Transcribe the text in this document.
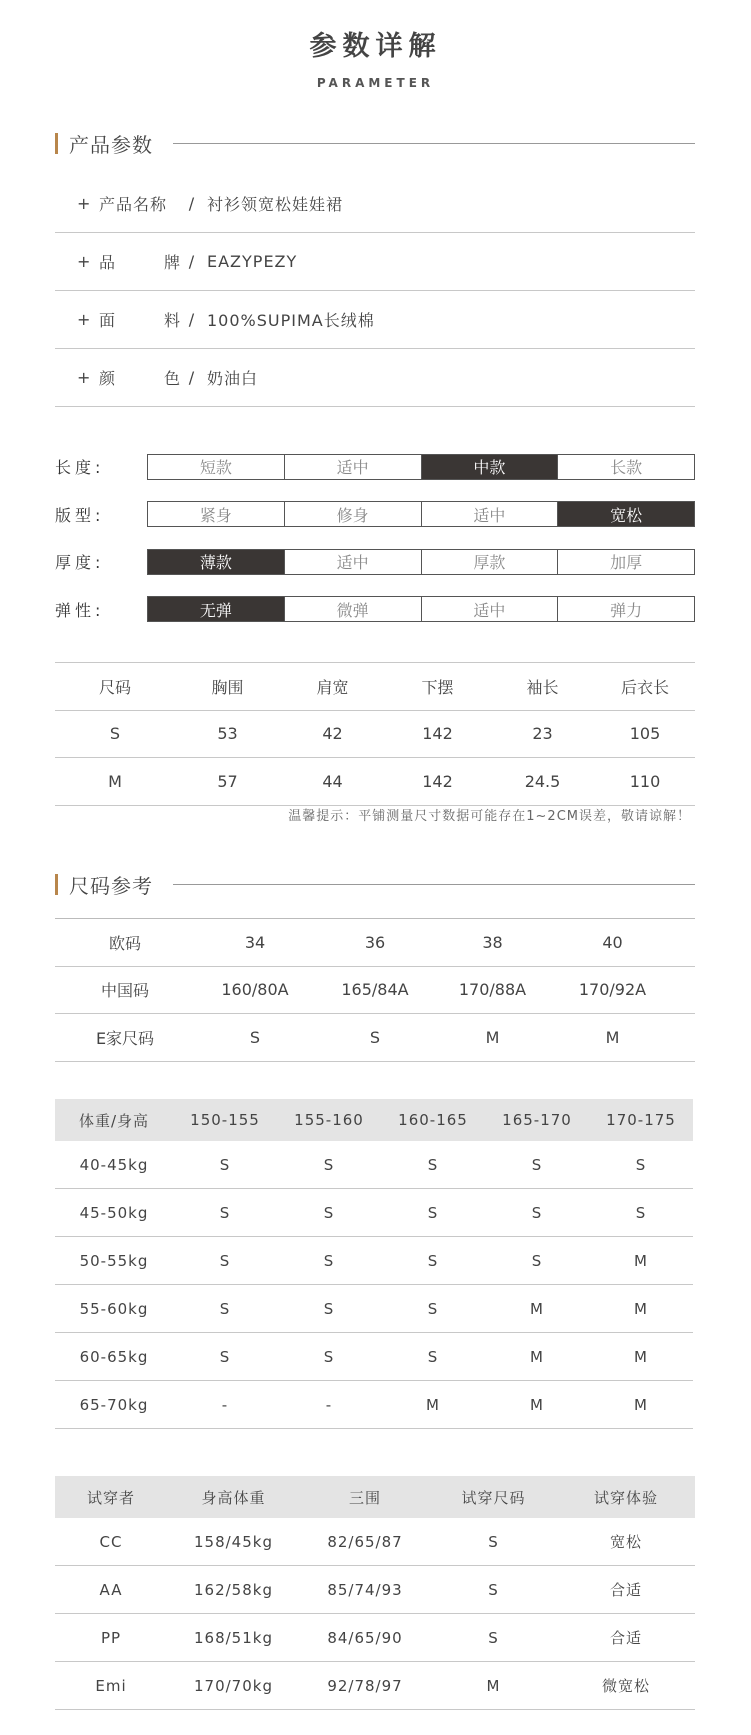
参数详解
PARAMETER
产品参数
+ 产品名称	/ 衬衫领宽松娃娃裙
+ 品	牌 / EAZYPEZY
+ 面	料 / 100%SUPIMA长绒棉
+ 颜	色 / 奶油白
长度:	短款	适中	中款	长款
版型:	紧身	修身	适中	宽松
厚度:	薄款	适中	厚款	加厚
弹性:	无弹	微弹	适中	弹力
尺码	胸围	肩宽	下摆	袖长	后衣长
S	53	42	142	23	105
M	57	44	142	24.5	110
温馨提示：平铺测量尺寸数据可能存在1~2CM误差，敬请谅解！
尺码参考
欧码	34	36	38	40
中国码	160/80A	165/84A	170/88A	170/92A
E家尺码	S	S	M	M
体重/身高	150-155	155-160	160-165	165-170	170-175
40-45kg	S	S	S	S	S
45-50kg	S	S	S	S	S
50-55kg	S	S	S	S	M
55-60kg	S	S	S	M	M
60-65kg	S	S	S	M	M
65-70kg	-	-	M	M	M
试穿者	身高体重	三围	试穿尺码	试穿体验
CC	158/45kg	82/65/87	S	宽松
AA	162/58kg	85/74/93	S	合适
PP	168/51kg	84/65/90	S	合适
Emi	170/70kg	92/78/97	M	微宽松
